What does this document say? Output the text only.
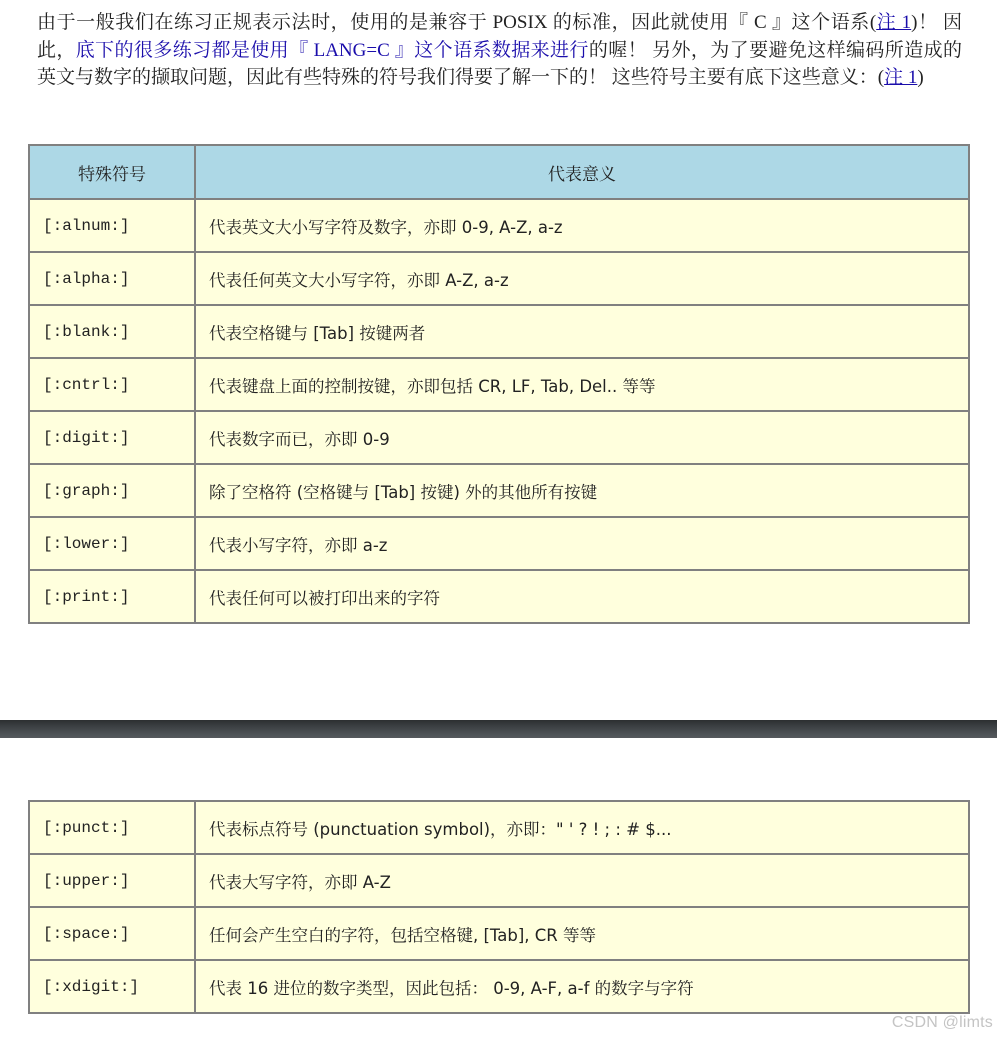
由于一般我们在练习正规表示法时，使用的是兼容于 POSIX 的标准，因此就使用『 C 』这个语系(注 1)！ 因此，底下的很多练习都是使用『 LANG=C 』这个语系数据来进行的喔！ 另外，为了要避免这样编码所造成的英文与数字的撷取问题，因此有些特殊的符号我们得要了解一下的！ 这些符号主要有底下这些意义：(注 1)

特殊符号	代表意义
[:alnum:]	代表英文大小写字符及数字，亦即 0-9, A-Z, a-z
[:alpha:]	代表任何英文大小写字符，亦即 A-Z, a-z
[:blank:]	代表空格键与 [Tab] 按键两者
[:cntrl:]	代表键盘上面的控制按键，亦即包括 CR, LF, Tab, Del.. 等等
[:digit:]	代表数字而已，亦即 0-9
[:graph:]	除了空格符 (空格键与 [Tab] 按键) 外的其他所有按键
[:lower:]	代表小写字符，亦即 a-z
[:print:]	代表任何可以被打印出来的字符
[:punct:]	代表标点符号 (punctuation symbol)，亦即：" ' ? ! ; : # $...
[:upper:]	代表大写字符，亦即 A-Z
[:space:]	任何会产生空白的字符，包括空格键, [Tab], CR 等等
[:xdigit:]	代表 16 进位的数字类型，因此包括： 0-9, A-F, a-f 的数字与字符
CSDN @limts
